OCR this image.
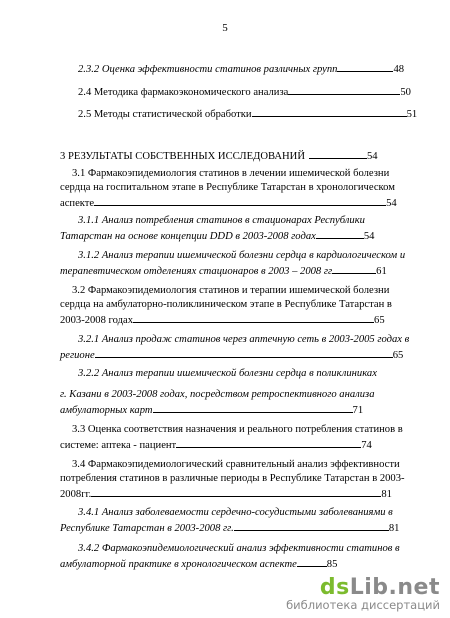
5
2.3.2 Оценка эффективности статинов различных групп	48
2.4 Методика фармакоэкономического анализа	50
2.5 Методы статистической обработки	51
3 РЕЗУЛЬТАТЫ СОБСТВЕННЫХ ИССЛЕДОВАНИЙ	54
3.1 Фармакоэпидемиология статинов в лечении ишемической болезни
сердца на госпитальном этапе в Республике Татарстан в хронологическом
аспекте	54
3.1.1 Анализ потребления статинов в стационарах Республики
Татарстан на основе концепции DDD в 2003-2008 годах	54
3.1.2 Анализ терапии ишемической болезни сердца в кардиологическом и
терапевтическом отделениях стационаров в 2003 – 2008 гг	61
3.2 Фармакоэпидемиология статинов и терапии ишемической болезни
сердца на амбулаторно-поликлиническом этапе в Республике Татарстан в
2003-2008 годах	65
3.2.1 Анализ продаж статинов через аптечную сеть в 2003-2005 годах в
регионе	65
3.2.2 Анализ терапии ишемической болезни сердца в поликлиниках
г. Казани в 2003-2008 годах, посредством ретроспективного анализа
амбулаторных карт	71
3.3 Оценка соответствия назначения и реального потребления статинов в
системе: аптека - пациент	74
3.4 Фармакоэпидемиологический сравнительный анализ эффективности
потребления статинов в различные периоды в Республике Татарстан в 2003-
2008гг.	81
3.4.1 Анализ заболеваемости сердечно-сосудистыми заболеваниями в
Республике Татарстан в 2003-2008 гг.	81
3.4.2 Фармакоэпидемиологический анализ эффективности статинов в
амбулаторной практике в хронологическом аспекте	85
dsLib.net
библиотека диссертаций
